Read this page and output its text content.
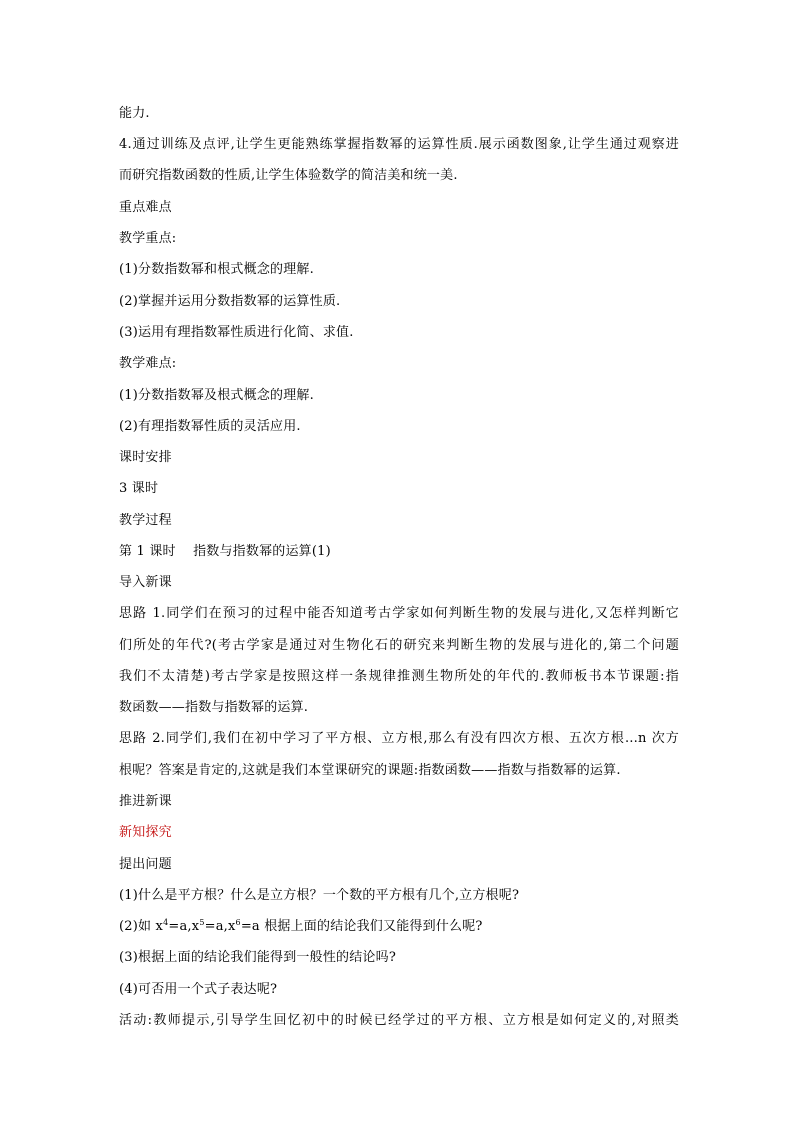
能力.
4.通过训练及点评,让学生更能熟练掌握指数幂的运算性质.展示函数图象,让学生通过观察进
而研究指数函数的性质,让学生体验数学的简洁美和统一美.
重点难点
教学重点:
(1)分数指数幂和根式概念的理解.
(2)掌握并运用分数指数幂的运算性质.
(3)运用有理指数幂性质进行化简、求值.
教学难点:
(1)分数指数幂及根式概念的理解.
(2)有理指数幂性质的灵活应用.
课时安排
3 课时
教学过程
第 1 课时    指数与指数幂的运算(1)
导入新课
思路 1.同学们在预习的过程中能否知道考古学家如何判断生物的发展与进化,又怎样判断它
们所处的年代?(考古学家是通过对生物化石的研究来判断生物的发展与进化的,第二个问题
我们不太清楚)考古学家是按照这样一条规律推测生物所处的年代的.教师板书本节课题:指
数函数——指数与指数幂的运算.
思路 2.同学们,我们在初中学习了平方根、立方根,那么有没有四次方根、五次方根…n 次方
根呢？答案是肯定的,这就是我们本堂课研究的课题:指数函数——指数与指数幂的运算.
推进新课
新知探究
提出问题
(1)什么是平方根？什么是立方根？一个数的平方根有几个,立方根呢?
(2)如 $x^4=a,x^5=a,x^6=a$ 根据上面的结论我们又能得到什么呢?
(3)根据上面的结论我们能得到一般性的结论吗?
(4)可否用一个式子表达呢?
活动:教师提示,引导学生回忆初中的时候已经学过的平方根、立方根是如何定义的,对照类
